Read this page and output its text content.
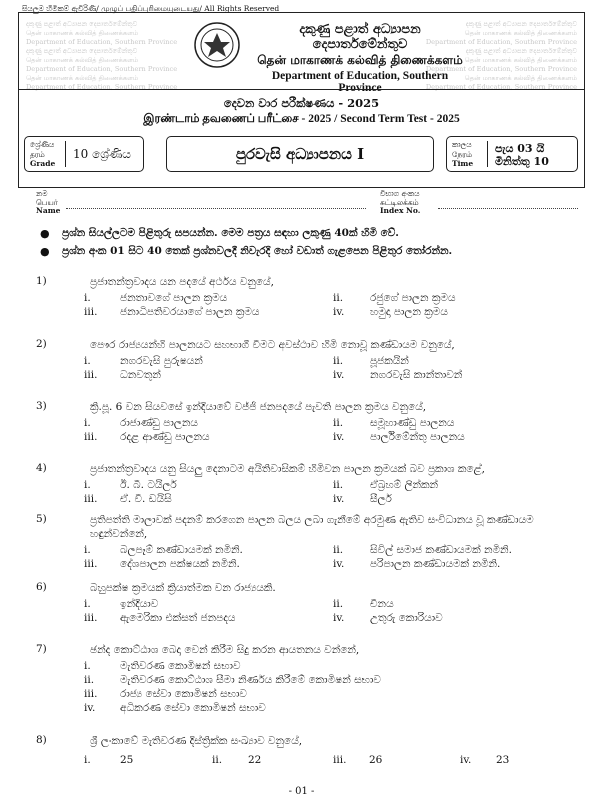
සියලුම හිමිකම් ඇවිරිණි/ முழுப் பதிப்புரிமையுடையது/ All Rights Reserved
දකුණු පළාත් අධ්‍යාපන දෙපාර්තමේන්තුව
தென் மாகாணக் கல்வித் திணைக்களம்
Department of Education, Southern Province
දකුණු පළාත් අධ්‍යාපන දෙපාර්තමේන්තුව
தென் மாகாணக் கல்வித் திணைக்களம்
Department of Education, Southern Province
தென் மாகாணக் கல்வித் திணைக்களம்
Department of Education, Southern Province
දකුණු පළාත් අධ්‍යාපන දෙපාර්තමේන්තුව
தென் மாகாணக் கல்வித் திணைக்களம்
Department of Education, Southern Province
දකුණු පළාත් අධ්‍යාපන දෙපාර්තමේන්තුව
தென் மாகாணக் கல்வித் திணைக்களம்
Department of Education, Southern Province
தென் மாகாணக் கல்வித் திணைக்களம்
Department of Education, Southern Province
දකුණු පළාත් අධ්‍යාපන දෙපාර්තමේන්තුව
தென் மாகாணக் கல்வித் திணைக்களம்
Department of Education, Southern Province
දෙවන වාර පරීක්ෂණය - 2025
இரண்டாம் தவணைப் பரீட்சை - 2025 / Second Term Test - 2025
ශ්‍රේණිය
தரம்
Grade
10 ශ්‍රේණිය	පුරවැසි අධ්‍යාපනය I
කාලය
நேரம்
Time
පැය 03 යි
මිනිත්තු 10
නම
பெயர்
Name
විභාග අංකය
சுட்டிலக்கம்
Index No.
● ප්‍රශ්න සියල්ලටම පිළිතුරු සපයන්න. මෙම පත්‍රය සඳහා ලකුණු 40ක් හිමි වේ.
● ප්‍රශ්න අංක 01 සිට 40 තෙක් ප්‍රශ්නවලදී නිවැරදි හෝ වඩාත් ගැළපෙන පිළිතුර තෝරන්න.
1)	ප්‍රජාතන්ත්‍රවාදය යන පදයේ අර්ථය වනුයේ,
i.	ජනතාවගේ පාලන ක්‍රමය	ii.	රජුගේ පාලන ක්‍රමය
iii. ජනාධිපතිවරයාගේ පාලන ක්‍රමය	iv. හමුදා පාලන ක්‍රමය
2)	පෞර රාජ්‍යයන්හි පාලනයට සහභාගී වීමට අවස්ථාව හිමි නොවූ කණ්ඩායම වනුයේ,
i.	නගරවැසි පුරුෂයන්	ii.	පූජකයින්
iii. ධනවතුන්	iv. නගරවැසි කාන්තාවන්
3)	ක්‍රි.පූ. 6 වන සියවසේ ඉන්දියාවේ වජ්ජි ජනපදයේ පැවති පාලන ක්‍රමය වනුයේ,
i.	රාජාණ්ඩු පාලනය	ii.	සමූහාණ්ඩු පාලනය
iii. රදළ ආණ්ඩු පාලනය	iv. පාර්ලිමේන්තු පාලනය
4)	ප්‍රජාතන්ත්‍රවාදය යනු සියලු දෙනාටම අයිතිවාසිකම් හිමිවන පාලන ක්‍රමයක් බව ප්‍රකාශ කළේ,
i.	ඊ. බී. ටයිලර්	ii.	ඒබ්‍රහම් ලින්කන්
iii. ඒ. වී. ඩයිසි	iv. සීලර්
5)	ප්‍රතිපත්ති මාලාවක් පදනම් කරගෙන පාලන බලය ලබා ගැනීමේ අරමුණ ඇතිව සංවිධානය වූ කණ්ඩායම හඳුන්වන්නේ,
i.	බලපෑම් කණ්ඩායමක් නමිනි.	ii.	සිවිල් සමාජ කණ්ඩායමක් නමිනි.
iii. දේශපාලන පක්ෂයක් නමිනි.	iv. පරිපාලන කණ්ඩායමක් නමිනි.
6)	බහුපක්ෂ ක්‍රමයක් ක්‍රියාත්මක වන රාජ්‍යයකි.
i.	ඉන්දියාව	ii.	චීනය
iii. ඇමෙරිකා එක්සත් ජනපදය	iv. උතුරු කොරියාව
7)	ඡන්ද කොට්ඨාශ බෙදා වෙන් කිරීම සිදු කරන ආයතනය වන්නේ,
i.	මැතිවරණ කොමිෂන් සභාව
ii. මැතිවරණ කොට්ඨාශ සීමා නිර්ණය කිරීමේ කොමිෂන් සභාව
iii. රාජ්‍ය සේවා කොමිෂන් සභාව
iv. අධිකරණ සේවා කොමිෂන් සභාව
8)	ශ්‍රී ලංකාවේ මැතිවරණ දිස්ත්‍රික්ක සංඛ්‍යාව වනුයේ,
i.	25	ii. 22	iii. 26	iv. 23
- 01 -
